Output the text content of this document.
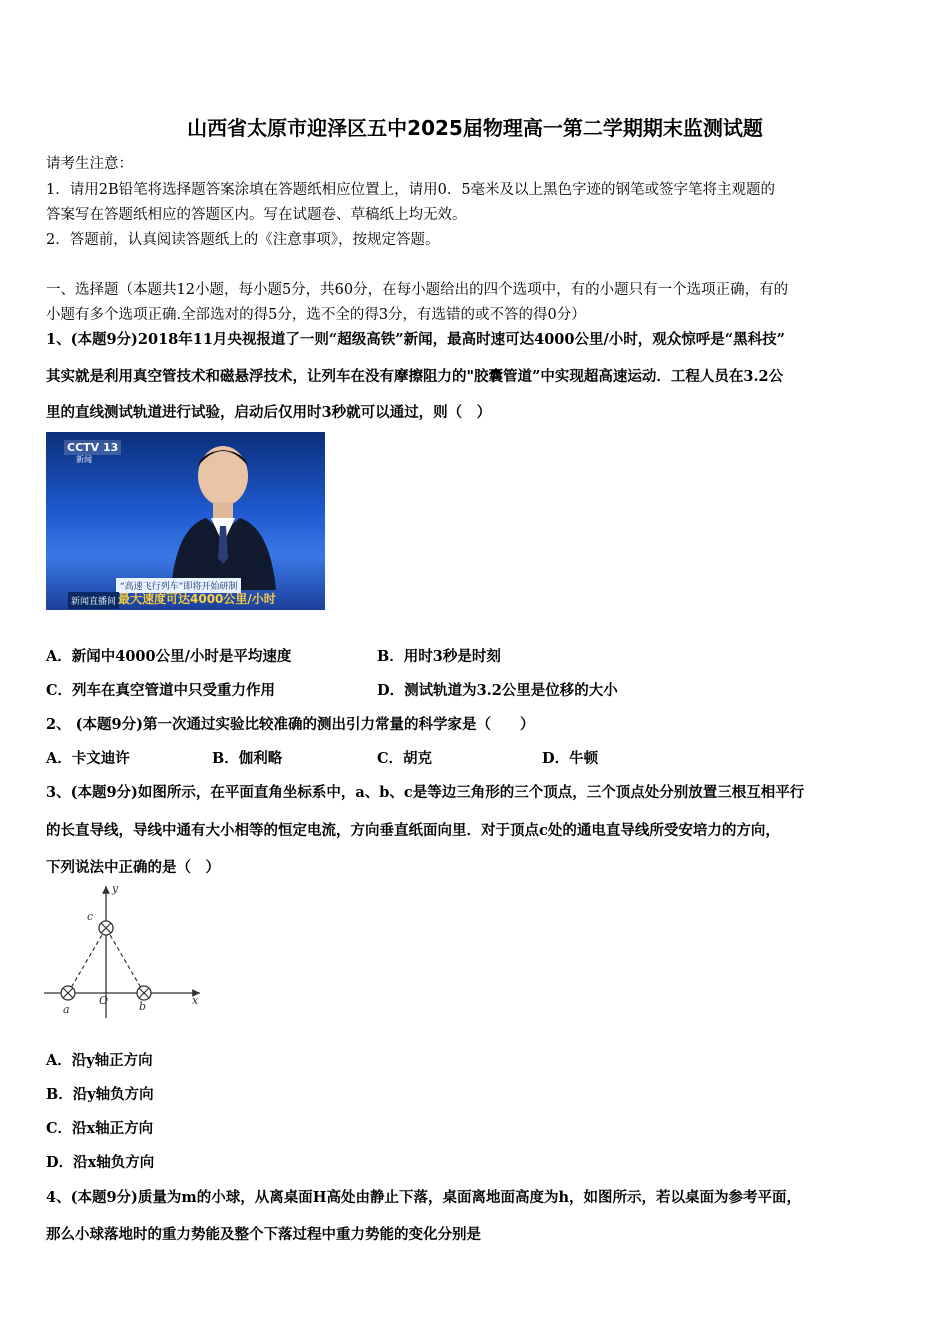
山西省太原市迎泽区五中2025届物理高一第二学期期末监测试题
请考生注意：
1．请用2B铅笔将选择题答案涂填在答题纸相应位置上，请用0．5毫米及以上黑色字迹的钢笔或签字笔将主观题的
答案写在答题纸相应的答题区内。写在试题卷、草稿纸上均无效。
2．答题前，认真阅读答题纸上的《注意事项》，按规定答题。
一、选择题（本题共12小题，每小题5分，共60分，在每小题给出的四个选项中，有的小题只有一个选项正确，有的
小题有多个选项正确.全部选对的得5分，选不全的得3分，有选错的或不答的得0分）
1、(本题9分)2018年11月央视报道了一则“超级高铁”新闻，最高时速可达4000公里/小时，观众惊呼是“黑科技”
其实就是利用真空管技术和磁悬浮技术，让列车在没有摩擦阻力的"胶囊管道”中实现超高速运动．工程人员在3.2公
里的直线测试轨道进行试验，启动后仅用时3秒就可以通过，则（　）
CCTV 13
新闻
“高速飞行列车”即将开始研制
新闻直播间 最大速度可达4000公里/小时
A．新闻中4000公里/小时是平均速度	B．用时3秒是时刻
C．列车在真空管道中只受重力作用	D．测试轨道为3.2公里是位移的大小
2、 (本题9分)第一次通过实验比较准确的测出引力常量的科学家是（　　）
A．卡文迪许	B．伽利略	C．胡克	D．牛顿
3、(本题9分)如图所示，在平面直角坐标系中，a、b、c是等边三角形的三个顶点，三个顶点处分别放置三根互相平行
的长直导线，导线中通有大小相等的恒定电流，方向垂直纸面向里．对于顶点c处的通电直导线所受安培力的方向，
下列说法中正确的是（　）
y
x
O
a	b
c
A．沿y轴正方向
B．沿y轴负方向
C．沿x轴正方向
D．沿x轴负方向
4、(本题9分)质量为m的小球，从离桌面H高处由静止下落，桌面离地面高度为h，如图所示，若以桌面为参考平面，
那么小球落地时的重力势能及整个下落过程中重力势能的变化分别是
